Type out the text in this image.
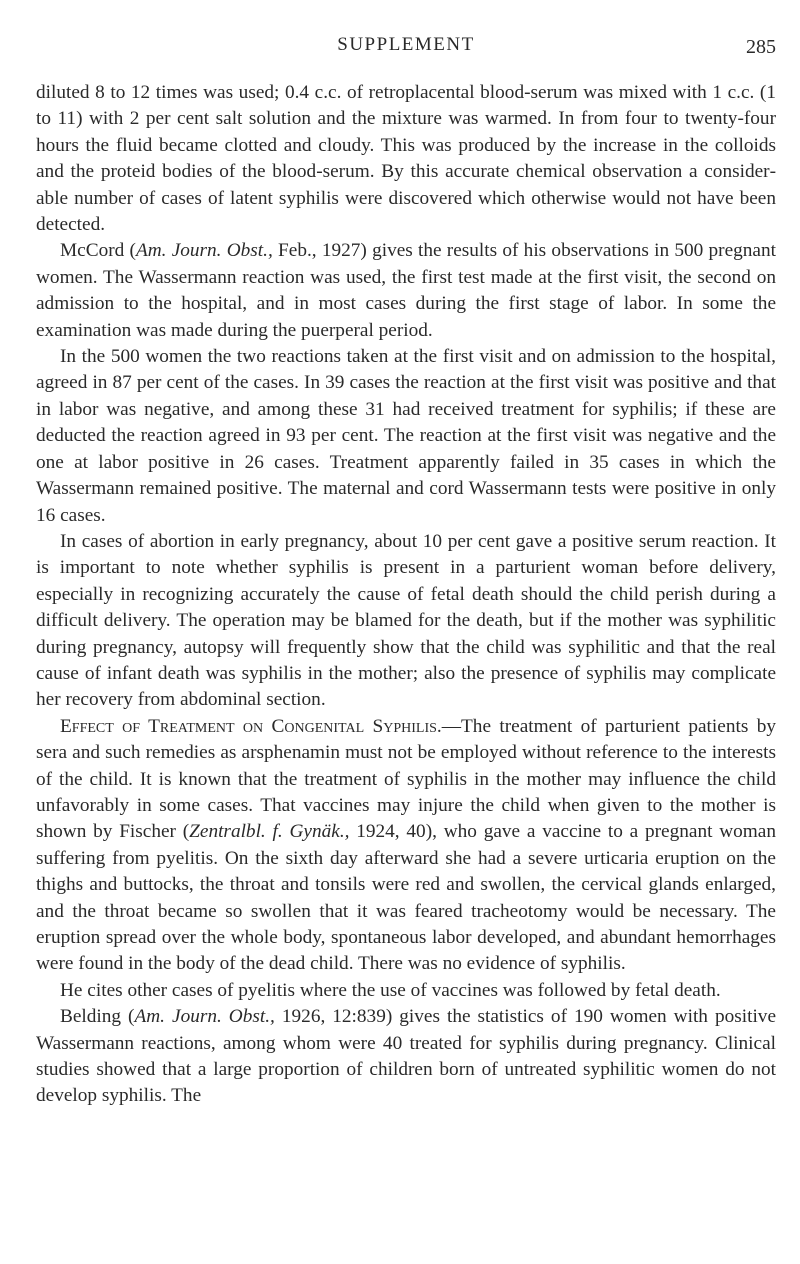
SUPPLEMENT	285

diluted 8 to 12 times was used; 0.4 c.c. of retroplacental blood-serum was mixed with 1 c.c. (1 to 11) with 2 per cent salt solution and the mixture was warmed. In from four to twenty-four hours the fluid became clotted and cloudy. This was produced by the increase in the colloids and the proteid bodies of the blood-serum. By this accurate chemical observation a considerable number of cases of latent syphilis were discovered which otherwise would not have been detected.

McCord (Am. Journ. Obst., Feb., 1927) gives the results of his observations in 500 pregnant women. The Wassermann reaction was used, the first test made at the first visit, the second on admission to the hospital, and in most cases during the first stage of labor. In some the examination was made during the puerperal period.

In the 500 women the two reactions taken at the first visit and on admission to the hospital, agreed in 87 per cent of the cases. In 39 cases the reaction at the first visit was positive and that in labor was negative, and among these 31 had received treatment for syphilis; if these are deducted the reaction agreed in 93 per cent. The reaction at the first visit was negative and the one at labor positive in 26 cases. Treatment apparently failed in 35 cases in which the Wassermann remained positive. The maternal and cord Wassermann tests were positive in only 16 cases.

In cases of abortion in early pregnancy, about 10 per cent gave a positive serum reaction. It is important to note whether syphilis is present in a parturient woman before delivery, especially in recognizing accurately the cause of fetal death should the child perish during a difficult delivery. The operation may be blamed for the death, but if the mother was syphilitic during pregnancy, autopsy will frequently show that the child was syphilitic and that the real cause of infant death was syphilis in the mother; also the presence of syphilis may complicate her recovery from abdominal section.

Effect of Treatment on Congenital Syphilis.—The treatment of parturient patients by sera and such remedies as arsphenamin must not be employed without reference to the interests of the child. It is known that the treatment of syphilis in the mother may influence the child unfavorably in some cases. That vaccines may injure the child when given to the mother is shown by Fischer (Zentralbl. f. Gynäk., 1924, 40), who gave a vaccine to a pregnant woman suffering from pyelitis. On the sixth day afterward she had a severe urticaria eruption on the thighs and buttocks, the throat and tonsils were red and swollen, the cervical glands enlarged, and the throat became so swollen that it was feared tracheotomy would be necessary. The eruption spread over the whole body, spontaneous labor developed, and abundant hemorrhages were found in the body of the dead child. There was no evidence of syphilis.

He cites other cases of pyelitis where the use of vaccines was followed by fetal death.

Belding (Am. Journ. Obst., 1926, 12:839) gives the statistics of 190 women with positive Wassermann reactions, among whom were 40 treated for syphilis during pregnancy. Clinical studies showed that a large proportion of children born of untreated syphilitic women do not develop syphilis. The
